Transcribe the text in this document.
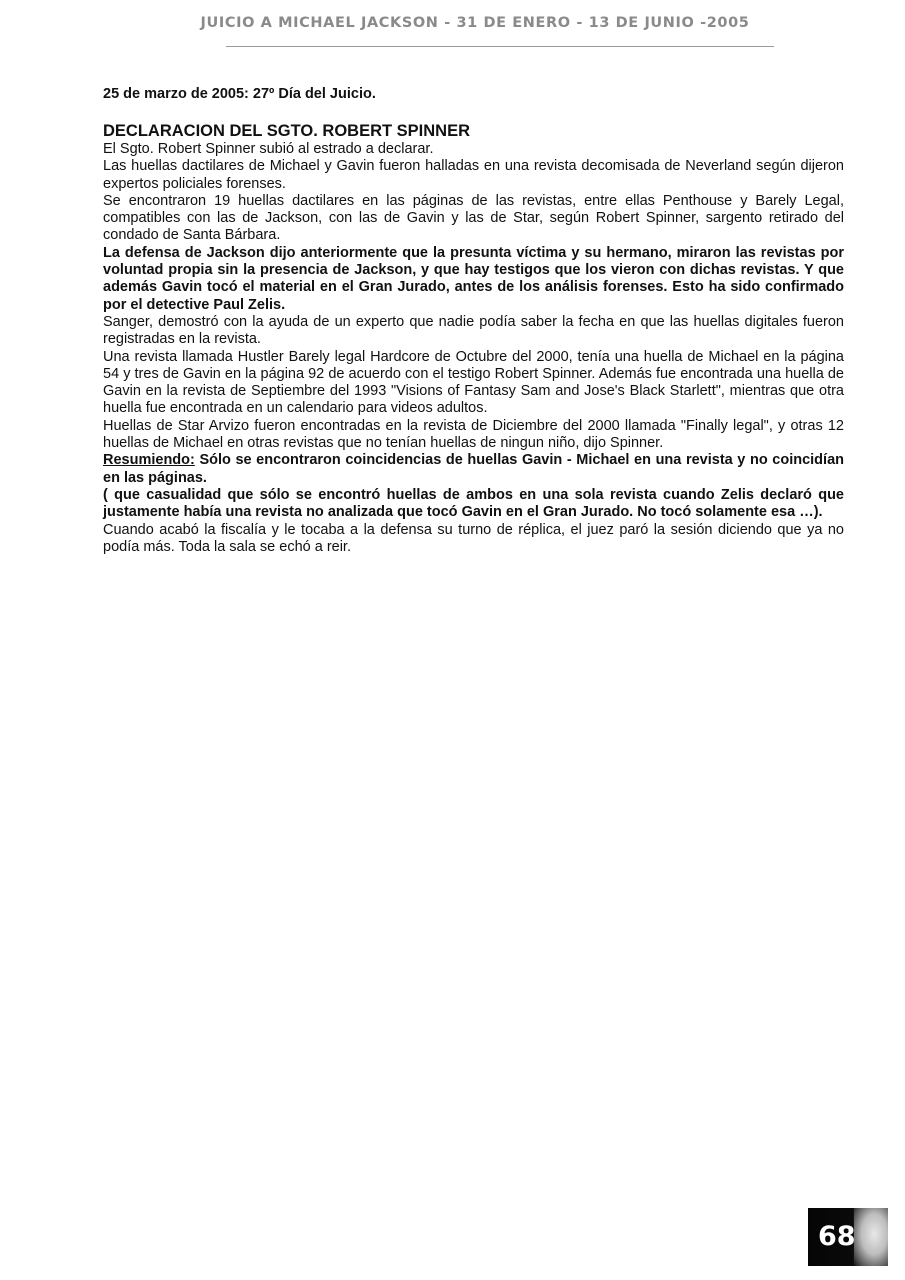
JUICIO A MICHAEL JACKSON - 31 DE ENERO - 13 DE JUNIO -2005

25 de marzo de 2005: 27º Día del Juicio.

DECLARACION DEL SGTO. ROBERT SPINNER

El Sgto. Robert Spinner subió al estrado a declarar.

Las huellas dactilares de Michael y Gavin fueron halladas en una revista decomisada de Neverland según dijeron expertos policiales forenses.

Se encontraron 19 huellas dactilares en las páginas de las revistas, entre ellas Penthouse y Barely Legal, compatibles con las de Jackson, con las de Gavin y las de Star, según Robert Spinner, sargento retirado del condado de Santa Bárbara.

La defensa de Jackson dijo anteriormente que la presunta víctima y su hermano, miraron las revistas por voluntad propia sin la presencia de Jackson, y que hay testigos que los vieron con dichas revistas. Y que además Gavin tocó el material en el Gran Jurado, antes de los análisis forenses. Esto ha sido confirmado por el detective Paul Zelis.

Sanger, demostró con la ayuda de un experto que nadie podía saber la fecha en que las huellas digitales fueron registradas en la revista.

Una revista llamada Hustler Barely legal Hardcore de Octubre del 2000, tenía una huella de Michael en la página 54 y tres de Gavin en la página 92 de acuerdo con el testigo Robert Spinner. Además fue encontrada una huella de Gavin en la revista de Septiembre del 1993 "Visions of Fantasy Sam and Jose's Black Starlett", mientras que otra huella fue encontrada en un calendario para videos adultos.

Huellas de Star Arvizo fueron encontradas en la revista de Diciembre del 2000 llamada "Finally legal", y otras 12 huellas de Michael en otras revistas que no tenían huellas de ningun niño, dijo Spinner.

Resumiendo: Sólo se encontraron coincidencias de huellas Gavin - Michael en una revista y no coincidían en las páginas.

( que casualidad que sólo se encontró huellas de ambos en una sola revista cuando Zelis declaró que justamente había una revista no analizada que tocó Gavin en el Gran Jurado. No tocó solamente esa …).

Cuando acabó la fiscalía y le tocaba a la defensa su turno de réplica, el juez paró la sesión diciendo que ya no podía más. Toda la sala se echó a reir.

68
